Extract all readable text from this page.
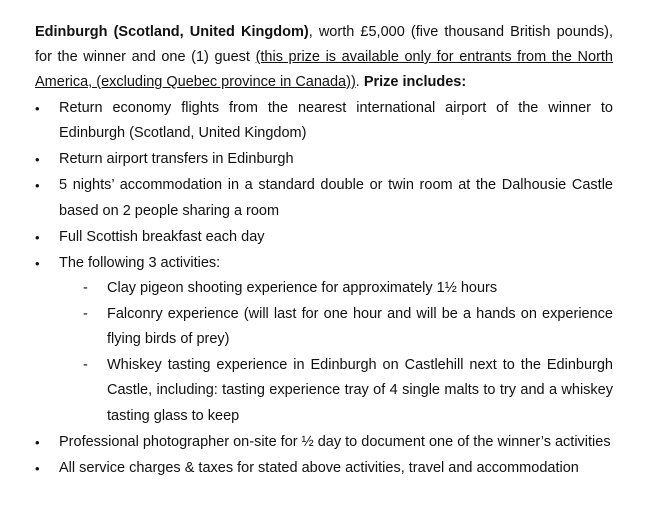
Edinburgh (Scotland, United Kingdom), worth £5,000 (five thousand British pounds), for the winner and one (1) guest (this prize is available only for entrants from the North America, (excluding Quebec province in Canada)). Prize includes:

•	Return economy flights from the nearest international airport of the winner to Edinburgh (Scotland, United Kingdom)
•	Return airport transfers in Edinburgh
•	5 nights’ accommodation in a standard double or twin room at the Dalhousie Castle based on 2 people sharing a room
•	Full Scottish breakfast each day
•	The following 3 activities:
- Clay pigeon shooting experience for approximately 1½ hours
- Falconry experience (will last for one hour and will be a hands on experience flying birds of prey)
- Whiskey tasting experience in Edinburgh on Castlehill next to the Edinburgh Castle, including: tasting experience tray of 4 single malts to try and a whiskey tasting glass to keep
•	Professional photographer on-site for ½ day to document one of the winner’s activities
•	All service charges & taxes for stated above activities, travel and accommodation
